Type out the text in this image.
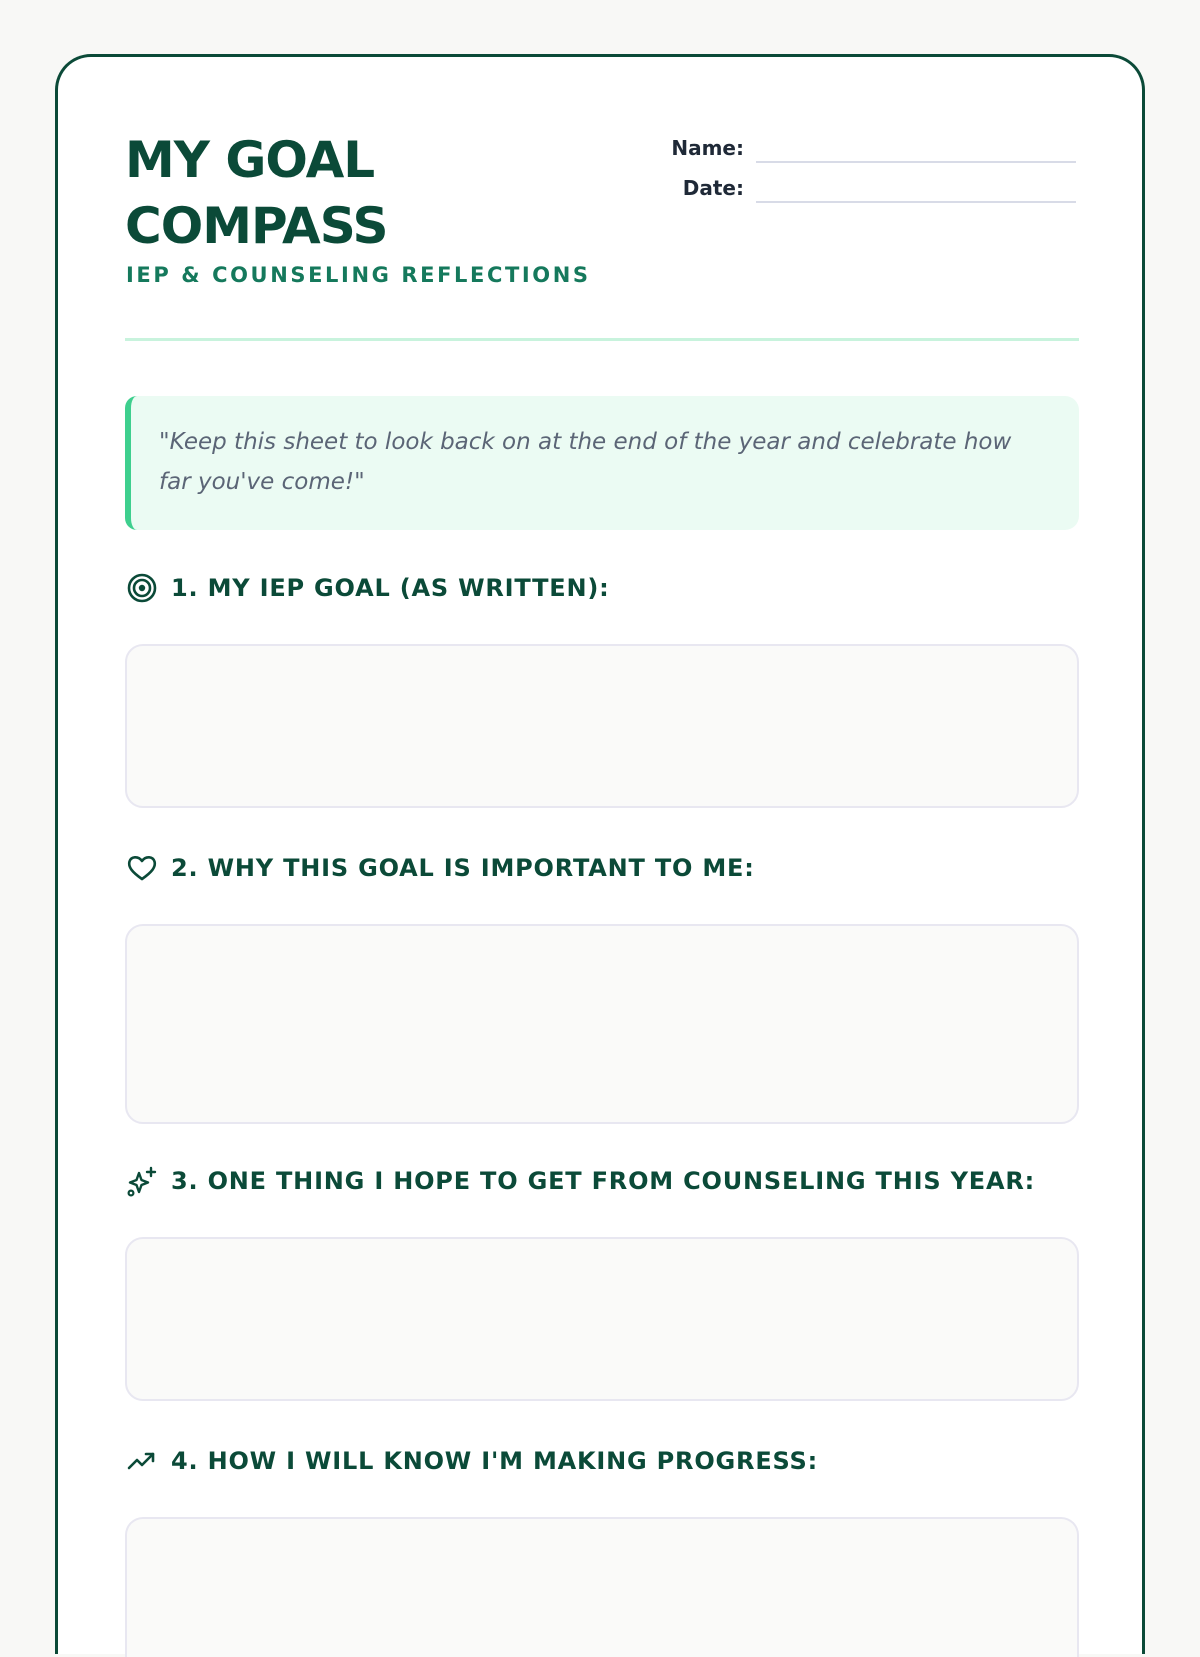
MY GOAL
COMPASS
IEP & COUNSELING REFLECTIONS
Name:
Date:
"Keep this sheet to look back on at the end of the year and celebrate how far you've come!"
1. MY IEP GOAL (AS WRITTEN):
2. WHY THIS GOAL IS IMPORTANT TO ME:
3. ONE THING I HOPE TO GET FROM COUNSELING THIS YEAR:
4. HOW I WILL KNOW I'M MAKING PROGRESS:
